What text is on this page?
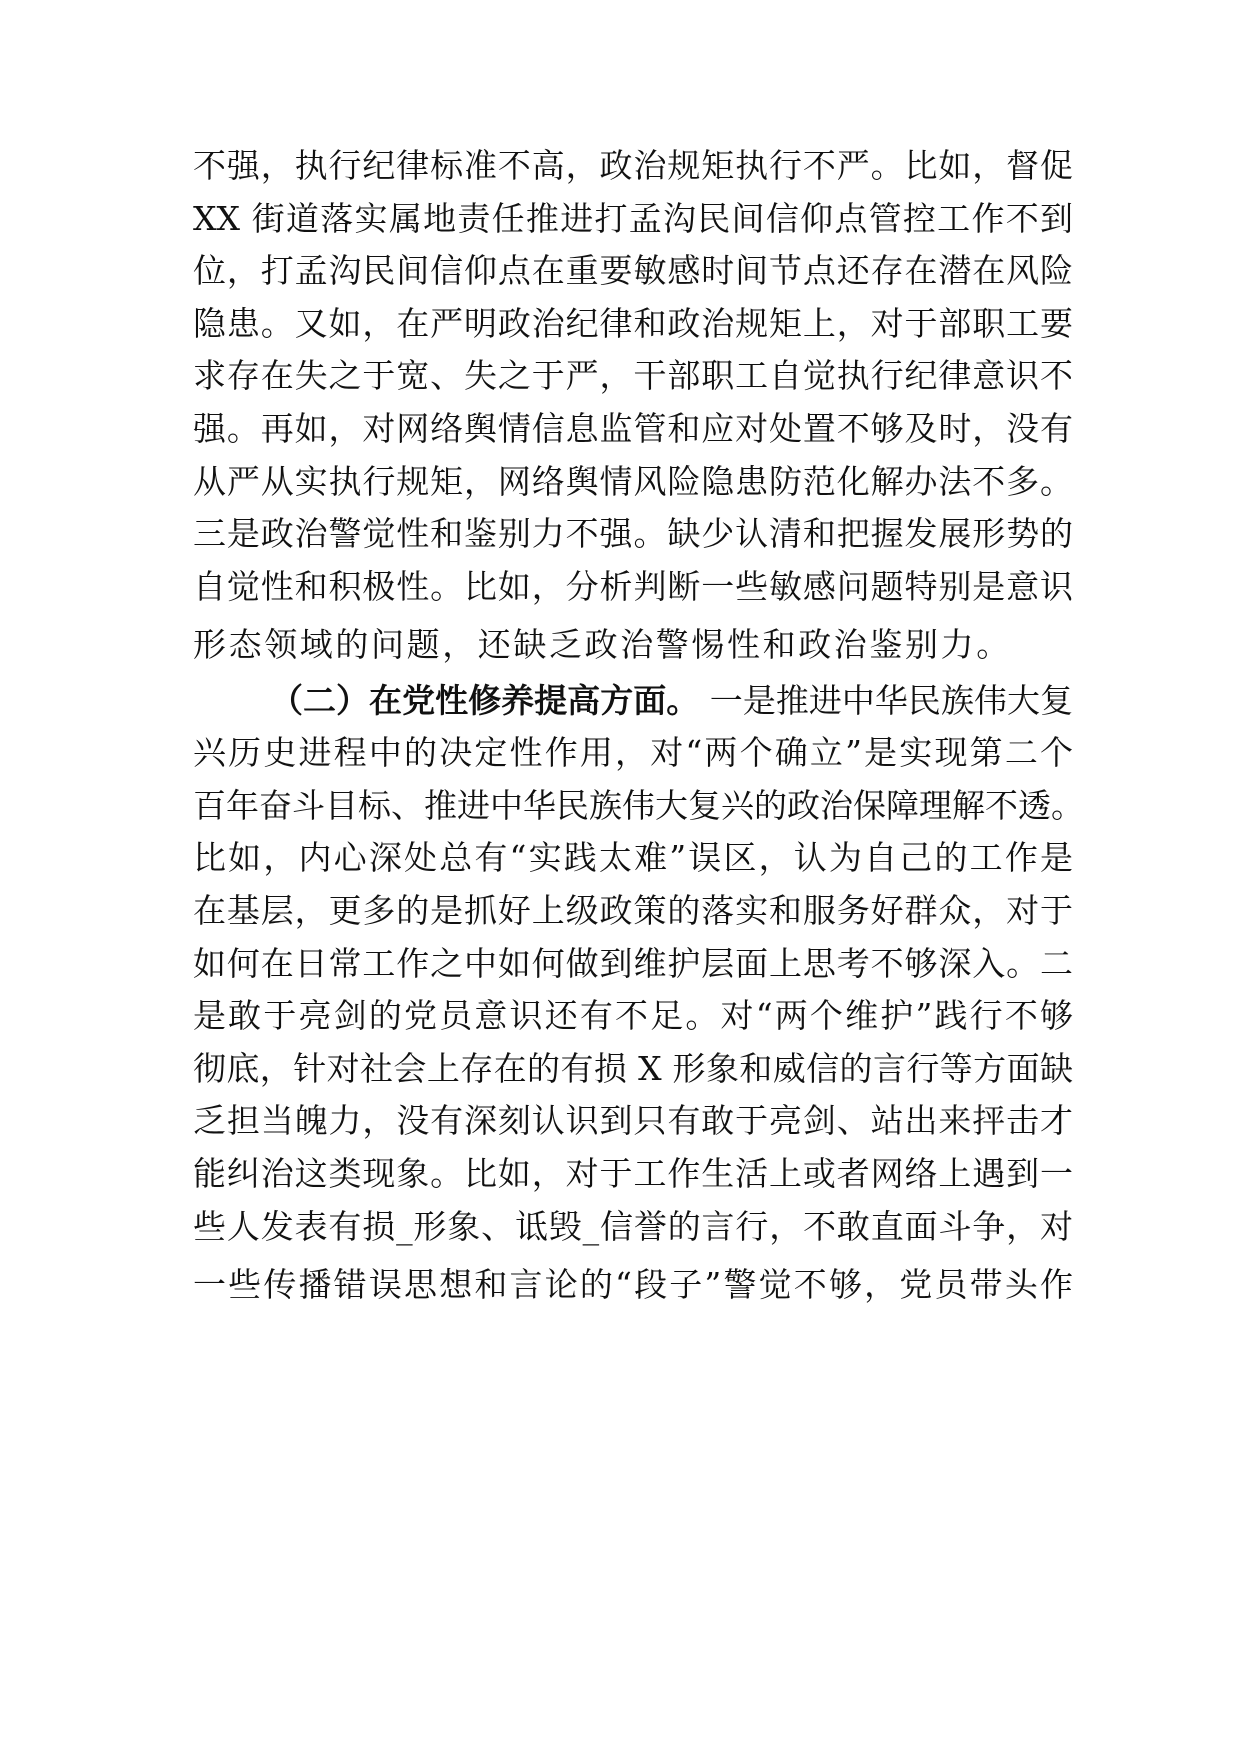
不强，执行纪律标准不高，政治规矩执行不严。比如，督促
XX 街道落实属地责任推进打孟沟民间信仰点管控工作不到
位，打孟沟民间信仰点在重要敏感时间节点还存在潜在风险
隐患。又如，在严明政治纪律和政治规矩上，对于部职工要
求存在失之于宽、失之于严，干部职工自觉执行纪律意识不
强。再如，对网络舆情信息监管和应对处置不够及时，没有
从严从实执行规矩，网络舆情风险隐患防范化解办法不多。
三是政治警觉性和鉴别力不强。缺少认清和把握发展形势的
自觉性和积极性。比如，分析判断一些敏感问题特别是意识
形态领域的问题，还缺乏政治警惕性和政治鉴别力。
（二）在党性修养提高方面。 一是推进中华民族伟大复
兴历史进程中的决定性作用，对“两个确立”是实现第二个
百年奋斗目标、推进中华民族伟大复兴的政治保障理解不透。
比如，内心深处总有“实践太难”误区，认为自己的工作是
在基层，更多的是抓好上级政策的落实和服务好群众，对于
如何在日常工作之中如何做到维护层面上思考不够深入。二
是敢于亮剑的党员意识还有不足。对“两个维护”践行不够
彻底，针对社会上存在的有损 X 形象和威信的言行等方面缺
乏担当魄力，没有深刻认识到只有敢于亮剑、站出来抨击才
能纠治这类现象。比如，对于工作生活上或者网络上遇到一
些人发表有损_形象、诋毁_信誉的言行，不敢直面斗争，对
一些传播错误思想和言论的“段子”警觉不够，党员带头作
